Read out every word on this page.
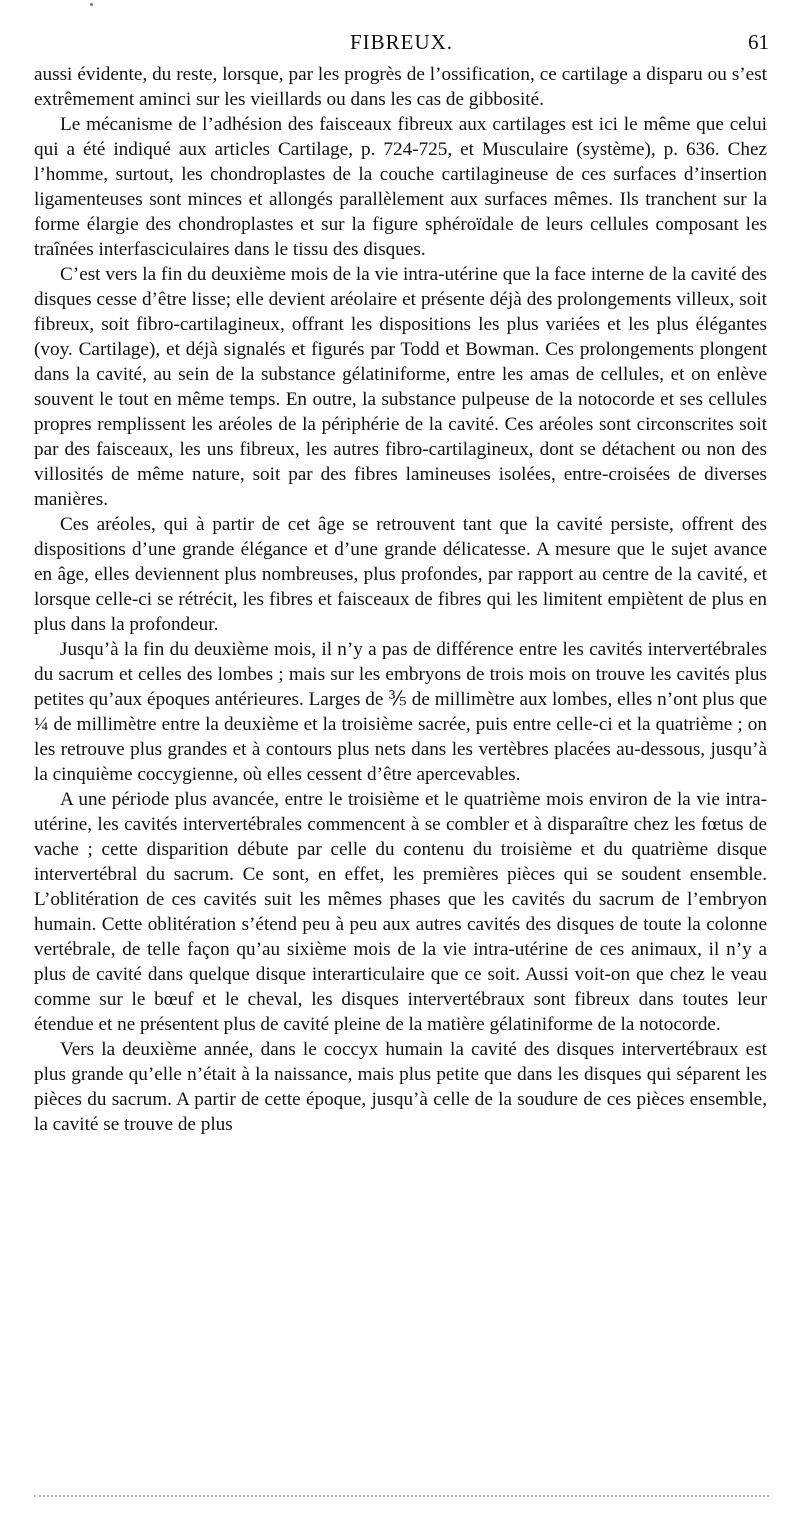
FIBREUX.	61

aussi évidente, du reste, lorsque, par les progrès de l’ossification, ce cartilage a disparu ou s’est extrêmement aminci sur les vieillards ou dans les cas de gibbosité.

Le mécanisme de l’adhésion des faisceaux fibreux aux cartilages est ici le même que celui qui a été indiqué aux articles Cartilage, p. 724-725, et Musculaire (système), p. 636. Chez l’homme, surtout, les chondroplastes de la couche cartilagineuse de ces surfaces d’insertion ligamenteuses sont minces et allongés parallèlement aux surfaces mêmes. Ils tranchent sur la forme élargie des chondroplastes et sur la figure sphéroïdale de leurs cellules composant les traînées interfasciculaires dans le tissu des disques.

C’est vers la fin du deuxième mois de la vie intra-utérine que la face interne de la cavité des disques cesse d’être lisse; elle devient aréolaire et présente déjà des prolongements villeux, soit fibreux, soit fibro-cartilagineux, offrant les dispositions les plus variées et les plus élégantes (voy. Cartilage), et déjà signalés et figurés par Todd et Bowman. Ces prolongements plongent dans la cavité, au sein de la substance gélatiniforme, entre les amas de cellules, et on enlève souvent le tout en même temps. En outre, la substance pulpeuse de la notocorde et ses cellules propres remplissent les aréoles de la périphérie de la cavité. Ces aréoles sont circonscrites soit par des faisceaux, les uns fibreux, les autres fibro-cartilagineux, dont se détachent ou non des villosités de même nature, soit par des fibres lamineuses isolées, entre-croisées de diverses manières.

Ces aréoles, qui à partir de cet âge se retrouvent tant que la cavité persiste, offrent des dispositions d’une grande élégance et d’une grande délicatesse. A mesure que le sujet avance en âge, elles deviennent plus nombreuses, plus profondes, par rapport au centre de la cavité, et lorsque celle-ci se rétrécit, les fibres et faisceaux de fibres qui les limitent empiètent de plus en plus dans la profondeur.

Jusqu’à la fin du deuxième mois, il n’y a pas de différence entre les cavités intervertébrales du sacrum et celles des lombes ; mais sur les embryons de trois mois on trouve les cavités plus petites qu’aux époques antérieures. Larges de ⅗ de millimètre aux lombes, elles n’ont plus que ¼ de millimètre entre la deuxième et la troisième sacrée, puis entre celle-ci et la quatrième ; on les retrouve plus grandes et à contours plus nets dans les vertèbres placées au-dessous, jusqu’à la cinquième coccygienne, où elles cessent d’être apercevables.

A une période plus avancée, entre le troisième et le quatrième mois environ de la vie intra-utérine, les cavités intervertébrales commencent à se combler et à disparaître chez les fœtus de vache ; cette disparition débute par celle du contenu du troisième et du quatrième disque intervertébral du sacrum. Ce sont, en effet, les premières pièces qui se soudent ensemble. L’oblitération de ces cavités suit les mêmes phases que les cavités du sacrum de l’embryon humain. Cette oblitération s’étend peu à peu aux autres cavités des disques de toute la colonne vertébrale, de telle façon qu’au sixième mois de la vie intra-utérine de ces animaux, il n’y a plus de cavité dans quelque disque interarticulaire que ce soit. Aussi voit-on que chez le veau comme sur le bœuf et le cheval, les disques intervertébraux sont fibreux dans toutes leur étendue et ne présentent plus de cavité pleine de la matière gélatiniforme de la notocorde.

Vers la deuxième année, dans le coccyx humain la cavité des disques intervertébraux est plus grande qu’elle n’était à la naissance, mais plus petite que dans les disques qui séparent les pièces du sacrum. A partir de cette époque, jusqu’à celle de la soudure de ces pièces ensemble, la cavité se trouve de plus
